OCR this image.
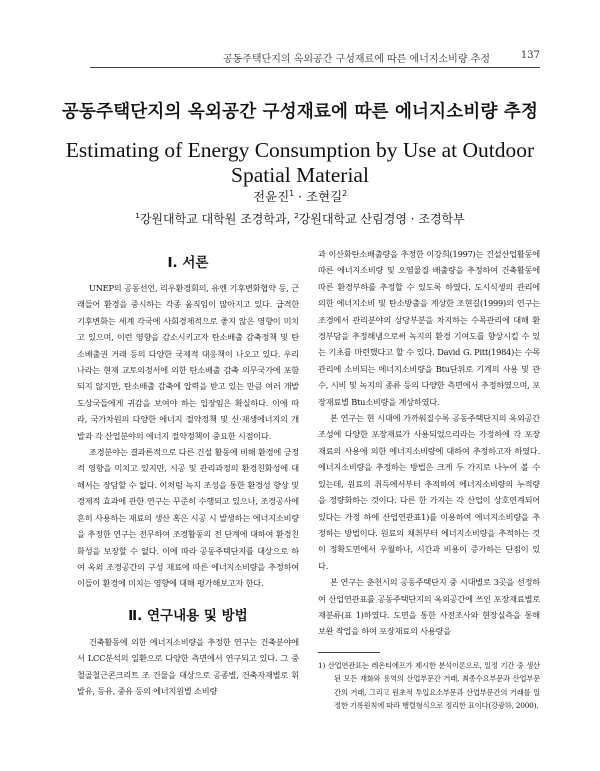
공동주택단지의 옥외공간 구성재료에 따른 에너지소비량 추정	137
공동주택단지의 옥외공간 구성재료에 따른 에너지소비량 추정
Estimating of Energy Consumption by Use at Outdoor Spatial Material
전윤진$^1$ · 조현길$^2$
$^1$강원대학교 대학원 조경학과, $^2$강원대학교 산림경영 · 조경학부
Ⅰ. 서론

UNEP의 공동선언, 리우환경회의, 유엔 기후변화협약 등, 근래들어 환경을 중시하는 각종 움직임이 많아지고 있다. 급격한 기후변화는 세계 각국에 사회경제적으로 좋지 않은 영향이 미치고 있으며, 이런 영향을 감소시키고자 탄소배출 감축정책 및 탄소배출권 거래 등의 다양한 국제적 대응책이 나오고 있다. 우리나라는 현재 교토의정서에 의한 탄소배출 감축 의무국가에 포함되지 않지만, 탄소배출 감축에 압력을 받고 있는 만큼 여러 개발도상국들에게 귀감을 보여야 하는 입장임은 확실하다. 이에 따라, 국가차원의 다양한 에너지 절약정책 및 신·재생에너지의 개발과 각 산업분야의 에너지 절약정책이 중요한 시점이다.

조경분야는 결과론적으로 다른 건설 활동에 비해 환경에 긍정적 영향을 미치고 있지만, 시공 및 관리과정의 환경친화성에 대해서는 장담할 수 없다. 이처럼 녹지 조성을 통한 환경성 향상 및 경제적 효과에 관한 연구는 꾸준히 수행되고 있으나, 조경공사에 흔히 사용하는 재료의 생산 혹은 시공 시 발생하는 에너지소비량을 추정한 연구는 전무하여 조경활동의 전 단계에 대하여 환경친화성을 보장할 수 없다. 이에 따라 공동주택단지를 대상으로 하여 옥외 조경공간의 구성 재료에 따른 에너지소비량을 추정하여 이들이 환경에 미치는 영향에 대해 평가해보고자 한다.

Ⅱ. 연구내용 및 방법

건축활동에 의한 에너지소비량을 추정한 연구는 건축분야에서 LCC분석의 일환으로 다양한 측면에서 연구되고 있다. 그 중 철골철근콘크리트 조 건물을 대상으로 공종별, 건축자재별로 휘발유, 등유, 중유 등의 에너지원별 소비량

과 이산화탄소배출량을 추정한 이강희(1997)는 건설산업활동에 따른 에너지소비량 및 오염물질 배출량을 추정하여 건축활동에 따른 환경부하를 추정할 수 있도록 하였다. 도시식생의 관리에 의한 에너지소비 및 탄소방출을 계상한 조현길(1999)의 연구는 조경에서 관리분야의 상당부분을 차지하는 수목관리에 대해 환경부담을 추정해냄으로써 녹지의 환경 기여도를 향상시킬 수 있는 기초를 마련했다고 할 수 있다. David G. Pitt(1984)는 수목관리에 소비되는 에너지소비량을 Btu단위로 기계의 사용 및 관수, 시비 및 녹지의 종류 등의 다양한 측면에서 추정하였으며, 포장재료별 Btu소비량을 계상하였다.

본 연구는 현 시대에 가까워질수록 공동주택단지의 옥외공간 조성에 다양한 포장재료가 사용되었으리라는 가정하에 각 포장재료의 사용에 의한 에너지소비량에 대하여 추정하고자 하였다. 에너지소비량을 추정하는 방법은 크게 두 가지로 나누어 볼 수 있는데, 원료의 취득에서부터 추적하여 에너지소비량의 누적량을 정량화하는 것이다. 다른 한 가지는 각 산업이 상호연계되어 있다는 가정 하에 산업연관표1)를 이용하여 에너지소비량을 추정하는 방법이다. 원료의 채취부터 에너지소비량을 추적하는 것이 정확도면에서 우월하나, 시간과 비용이 증가하는 단점이 있다.

본 연구는 춘천시의 공동주택단지 중 시대별로 3곳을 선정하여 산업연관표를 공동주택단지의 옥외공간에 쓰인 포장재료별로 재분류(표 1)하였다. 도면을 통한 사전조사와 현장실측을 통해 보완 작업을 하여 포장재료의 사용량을

1) 산업연관표는 레온티에프가 제시한 분석이론으로, 일정 기간 중 생산된 모든 재화와 용역의 산업부문간 거래, 최종수요부문과 산업부문간의 거래, 그리고 원초적 투입요소부문과 산업부문간의 거래를 일정한 기록원칙에 따라 행렬형식으로 정리한 표이다(강광하, 2000).
